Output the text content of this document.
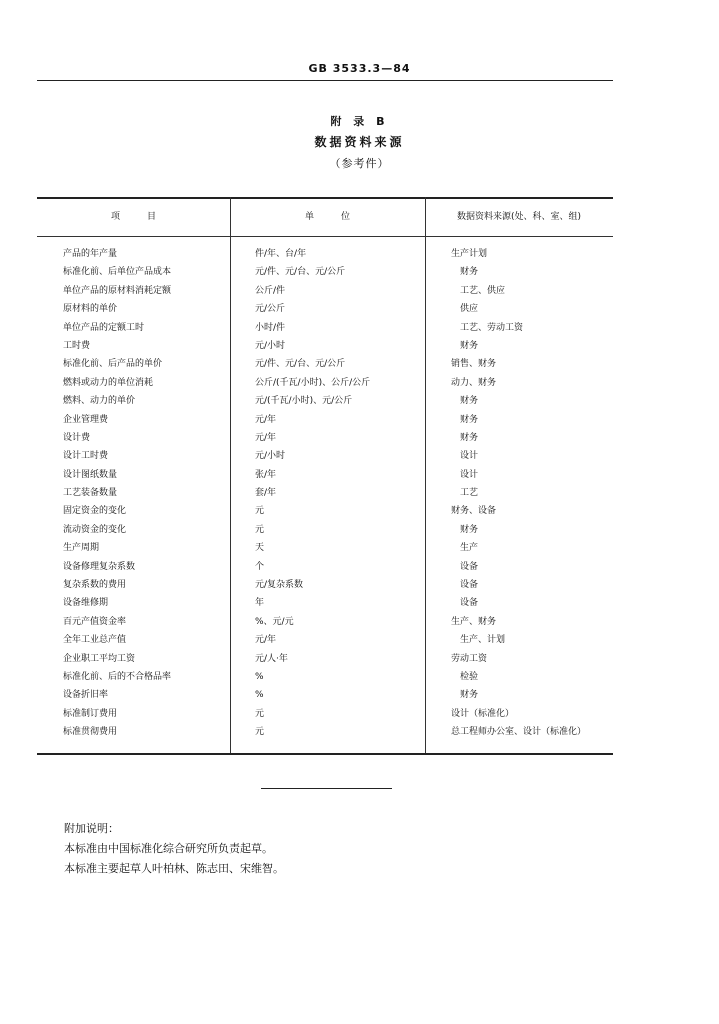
GB 3533.3—84
附 录 B
数据资料来源
（参考件）
项　　　目	单　　　位	数据资料来源(处、科、室、组)
产品的年产量	件/年、台/年	生产计划
标准化前、后单位产品成本	元/件、元/台、元/公斤	　财务
单位产品的原材料消耗定额	公斤/件	　工艺、供应
原材料的单价	元/公斤	　供应
单位产品的定额工时	小时/件	　工艺、劳动工资
工时费	元/小时	　财务
标准化前、后产品的单价	元/件、元/台、元/公斤	销售、财务
燃料或动力的单位消耗	公斤/(千瓦/小时)、公斤/公斤	动力、财务
燃料、动力的单价	元/(千瓦/小时)、元/公斤	　财务
企业管理费	元/年	　财务
设计费	元/年	　财务
设计工时费	元/小时	　设计
设计图纸数量	张/年	　设计
工艺装备数量	套/年	　工艺
固定资金的变化	元	财务、设备
流动资金的变化	元	　财务
生产周期	天	　生产
设备修理复杂系数	个	　设备
复杂系数的费用	元/复杂系数	　设备
设备维修期	年	　设备
百元产值资金率	%、元/元	生产、财务
全年工业总产值	元/年	　生产、计划
企业职工平均工资	元/人·年	劳动工资
标准化前、后的不合格品率	%	　检验
设备折旧率	%	　财务
标准制订费用	元	设计（标准化）
标准贯彻费用	元	总工程师办公室、设计（标准化）
附加说明：
本标准由中国标准化综合研究所负责起草。
本标准主要起草人叶柏林、陈志田、宋维智。
